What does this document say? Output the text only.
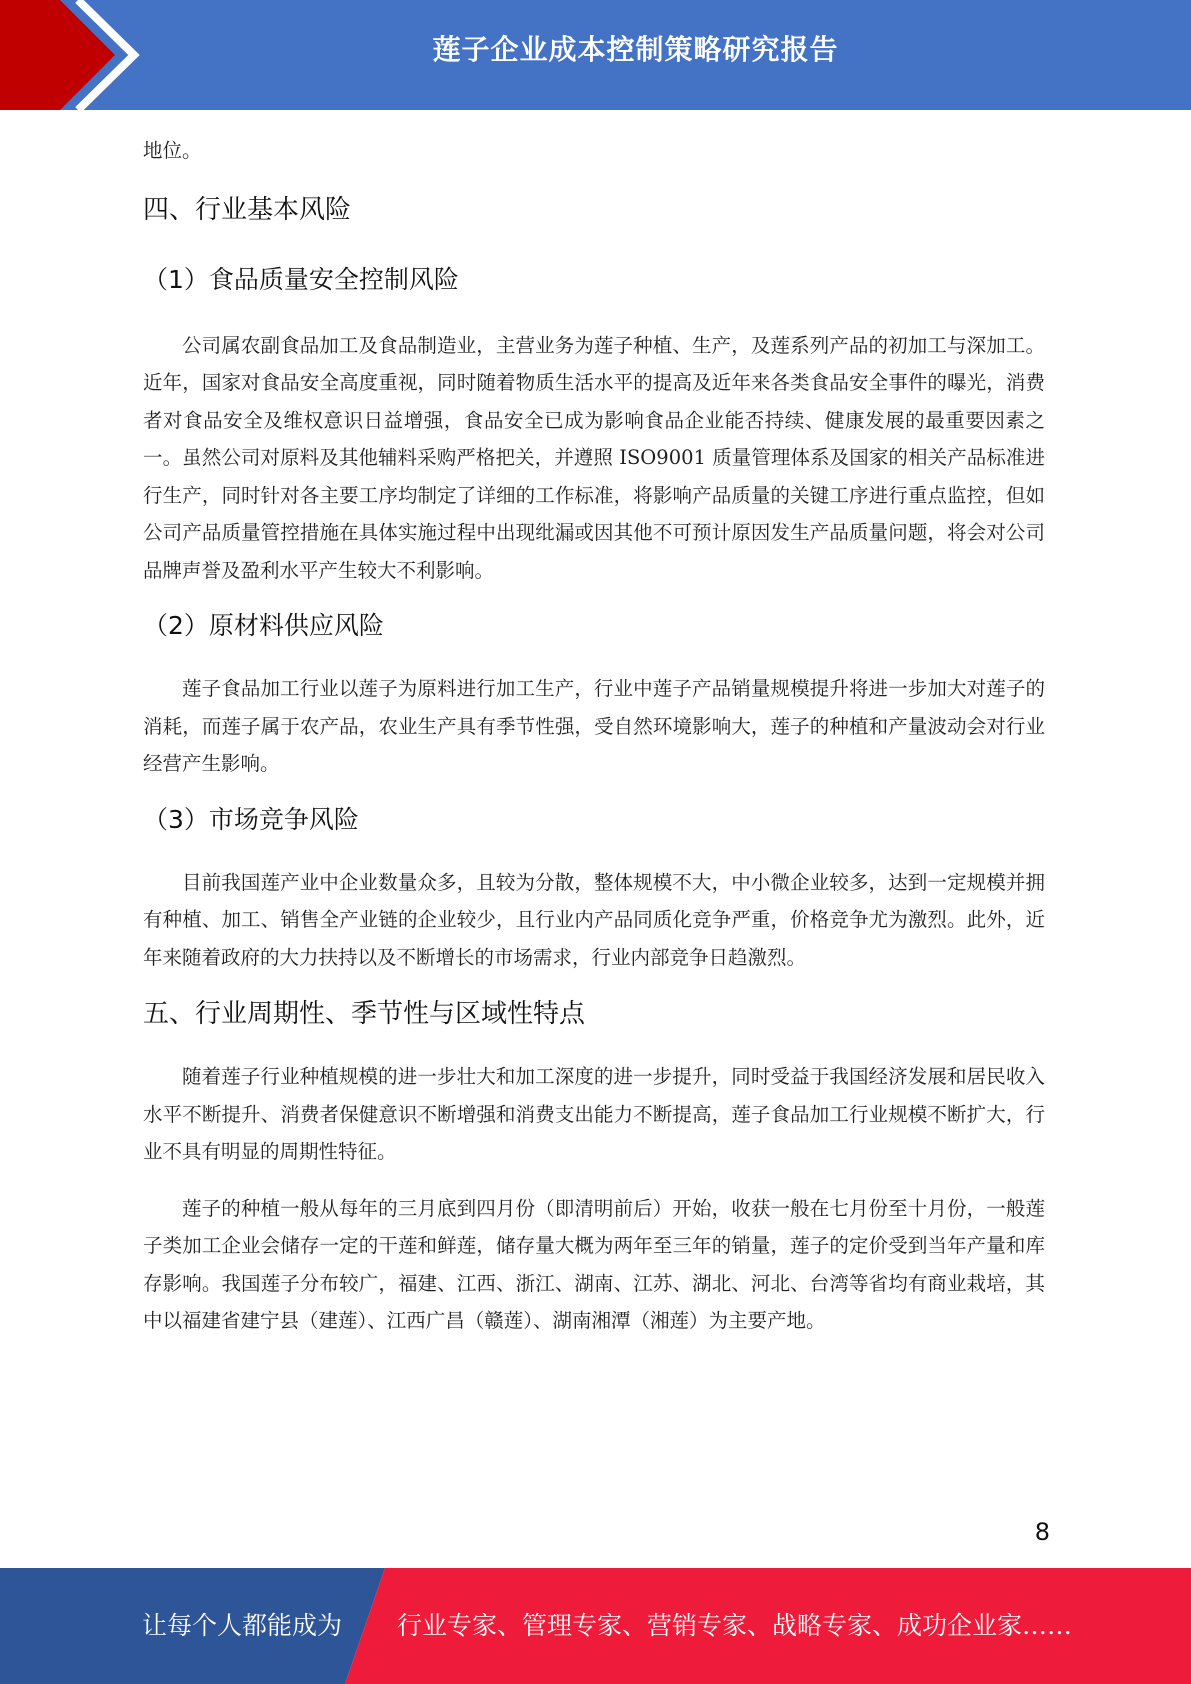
莲子企业成本控制策略研究报告

地位。

四、行业基本风险
（1）食品质量安全控制风险

公司属农副食品加工及食品制造业，主营业务为莲子种植、生产，及莲系列产品的初加工与深加工。近年，国家对食品安全高度重视，同时随着物质生活水平的提高及近年来各类食品安全事件的曝光，消费者对食品安全及维权意识日益增强，食品安全已成为影响食品企业能否持续、健康发展的最重要因素之一。虽然公司对原料及其他辅料采购严格把关，并遵照 ISO9001 质量管理体系及国家的相关产品标准进行生产，同时针对各主要工序均制定了详细的工作标准，将影响产品质量的关键工序进行重点监控，但如公司产品质量管控措施在具体实施过程中出现纰漏或因其他不可预计原因发生产品质量问题，将会对公司品牌声誉及盈利水平产生较大不利影响。

（2）原材料供应风险

莲子食品加工行业以莲子为原料进行加工生产，行业中莲子产品销量规模提升将进一步加大对莲子的消耗，而莲子属于农产品，农业生产具有季节性强，受自然环境影响大，莲子的种植和产量波动会对行业经营产生影响。

（3）市场竞争风险

目前我国莲产业中企业数量众多，且较为分散，整体规模不大，中小微企业较多，达到一定规模并拥有种植、加工、销售全产业链的企业较少，且行业内产品同质化竞争严重，价格竞争尤为激烈。此外，近年来随着政府的大力扶持以及不断增长的市场需求，行业内部竞争日趋激烈。

五、行业周期性、季节性与区域性特点

随着莲子行业种植规模的进一步壮大和加工深度的进一步提升，同时受益于我国经济发展和居民收入水平不断提升、消费者保健意识不断增强和消费支出能力不断提高，莲子食品加工行业规模不断扩大，行业不具有明显的周期性特征。

莲子的种植一般从每年的三月底到四月份（即清明前后）开始，收获一般在七月份至十月份，一般莲子类加工企业会储存一定的干莲和鲜莲，储存量大概为两年至三年的销量，莲子的定价受到当年产量和库存影响。我国莲子分布较广，福建、江西、浙江、湖南、江苏、湖北、河北、台湾等省均有商业栽培，其中以福建省建宁县（建莲）、江西广昌（赣莲）、湖南湘潭（湘莲）为主要产地。

8
让每个人都能成为 行业专家、管理专家、营销专家、战略专家、成功企业家……
